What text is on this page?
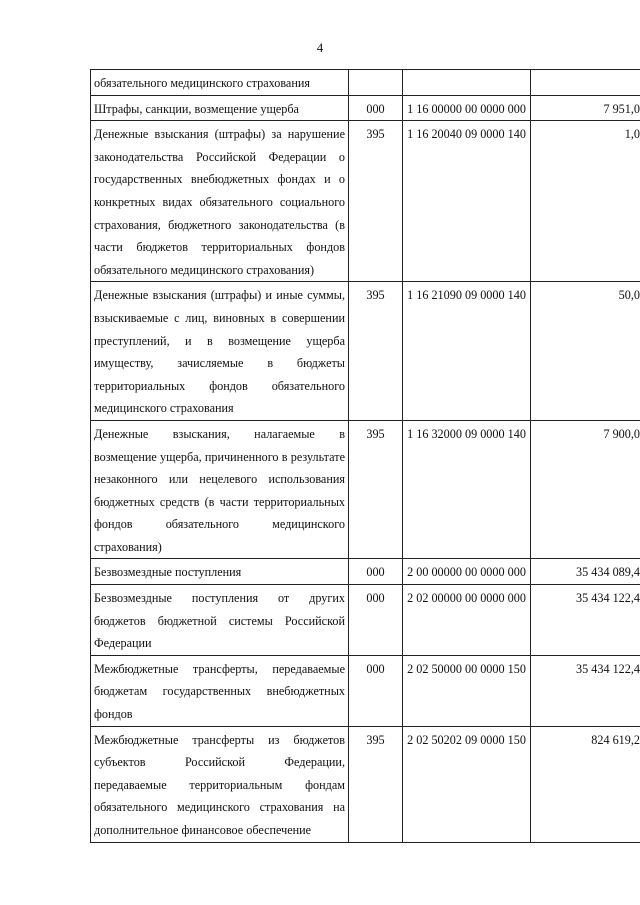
4
обязательного медицинского страхования			
Штрафы, санкции, возмещение ущерба	000	1 16 00000 00 0000 000	7 951,0
Денежные взыскания (штрафы) за нарушение законодательства Российской Федерации о государственных внебюджетных фондах и о конкретных видах обязательного социального страхования, бюджетного законодательства (в части бюджетов территориальных фондов обязательного медицинского страхования)	395	1 16 20040 09 0000 140	1,0
Денежные взыскания (штрафы) и иные суммы, взыскиваемые с лиц, виновных в совершении преступлений, и в возмещение ущерба имуществу, зачисляемые в бюджеты территориальных фондов обязательного медицинского страхования	395	1 16 21090 09 0000 140	50,0
Денежные взыскания, налагаемые в возмещение ущерба, причиненного в результате незаконного или нецелевого использования бюджетных средств (в части территориальных фондов обязательного медицинского страхования)	395	1 16 32000 09 0000 140	7 900,0
Безвозмездные поступления	000	2 00 00000 00 0000 000	35 434 089,4
Безвозмездные поступления от других бюджетов бюджетной системы Российской Федерации	000	2 02 00000 00 0000 000	35 434 122,4
Межбюджетные трансферты, передаваемые бюджетам государственных внебюджетных фондов	000	2 02 50000 00 0000 150	35 434 122,4
Межбюджетные трансферты из бюджетов субъектов Российской Федерации, передаваемые территориальным фондам обязательного медицинского страхования на дополнительное финансовое обеспечение	395	2 02 50202 09 0000 150	824 619,2
